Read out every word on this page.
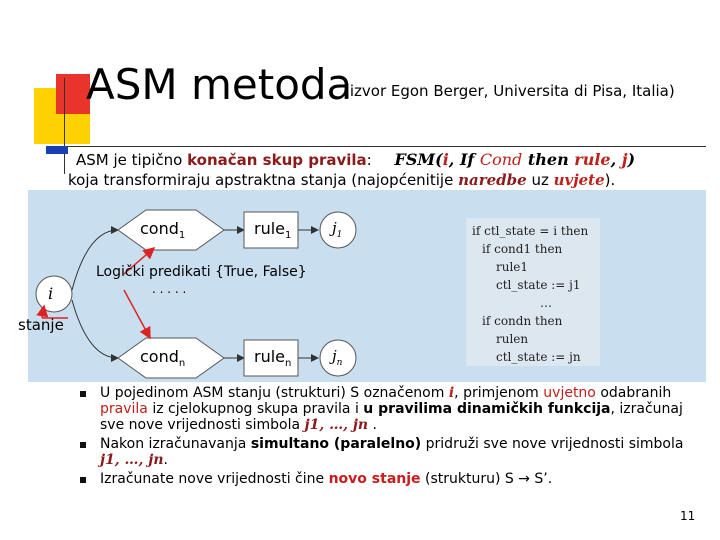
ASM metoda
(izvor Egon Berger, Universita di Pisa, Italia)
ASM je tipično konačan skup pravila: FSM(i, If Cond then rule, j)
koja transformiraju apstraktna stanja (najopćenitije naredbe uz uvjete).
i
cond$_1$	rule$_1$	$j_1$
cond$_n$	rule$_n$	$j_n$
if ctl_state = i then
if cond1 then
rule1
ctl_state := j1
…
if condn then
rulen
ctl_state := jn
Logički predikati {True, False}
. . . . .
stanje
U pojedinom ASM stanju (strukturi) S označenom i, primjenom uvjetno odabranih pravila iz cjelokupnog skupa pravila i u pravilima dinamičkih funkcija, izračunaj sve nove vrijednosti simbola j1, …, jn .
Nakon izračunavanja simultano (paralelno) pridruži sve nove vrijednosti simbola j1, …, jn.
Izračunate nove vrijednosti čine novo stanje (strukturu) S → S’.
11
